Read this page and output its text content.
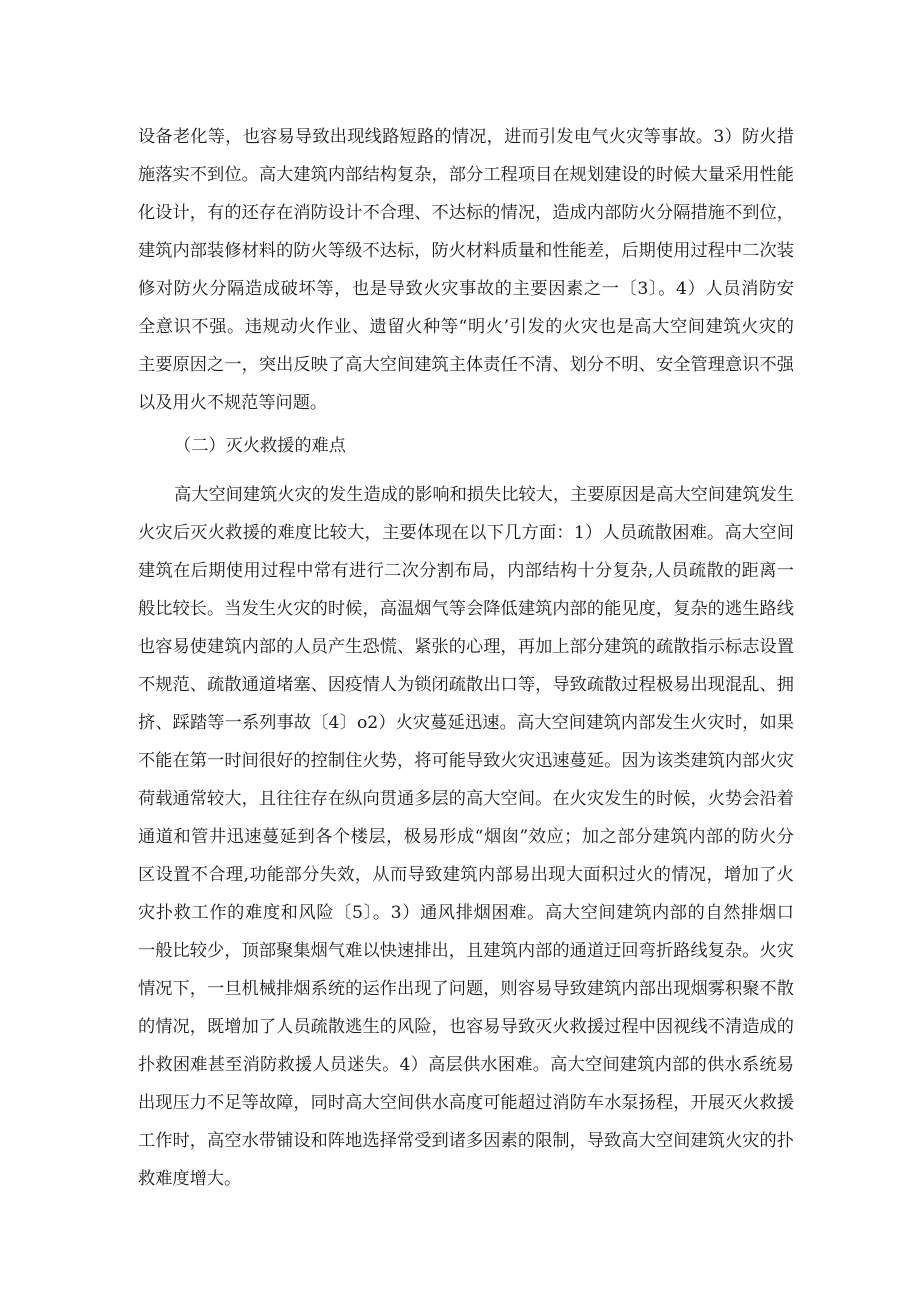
设备老化等，也容易导致出现线路短路的情况，进而引发电气火灾等事故。3）防火措
施落实不到位。高大建筑内部结构复杂，部分工程项目在规划建设的时候大量采用性能
化设计，有的还存在消防设计不合理、不达标的情况，造成内部防火分隔措施不到位，
建筑内部装修材料的防火等级不达标，防火材料质量和性能差，后期使用过程中二次装
修对防火分隔造成破坏等，也是导致火灾事故的主要因素之一〔3〕。4）人员消防安
全意识不强。违规动火作业、遗留火种等“明火’引发的火灾也是高大空间建筑火灾的
主要原因之一，突出反映了高大空间建筑主体责任不清、划分不明、安全管理意识不强
以及用火不规范等问题。
（二）灭火救援的难点
高大空间建筑火灾的发生造成的影响和损失比较大，主要原因是高大空间建筑发生
火灾后灭火救援的难度比较大，主要体现在以下几方面：1）人员疏散困难。高大空间
建筑在后期使用过程中常有进行二次分割布局，内部结构十分复杂,人员疏散的距离一
般比较长。当发生火灾的时候，高温烟气等会降低建筑内部的能见度，复杂的逃生路线
也容易使建筑内部的人员产生恐慌、紧张的心理，再加上部分建筑的疏散指示标志设置
不规范、疏散通道堵塞、因疫情人为锁闭疏散出口等，导致疏散过程极易出现混乱、拥
挤、踩踏等一系列事故〔4〕o2）火灾蔓延迅速。高大空间建筑内部发生火灾时，如果
不能在第一时间很好的控制住火势，将可能导致火灾迅速蔓延。因为该类建筑内部火灾
荷载通常较大，且往往存在纵向贯通多层的高大空间。在火灾发生的时候，火势会沿着
通道和管井迅速蔓延到各个楼层，极易形成“烟囱”效应；加之部分建筑内部的防火分
区设置不合理,功能部分失效，从而导致建筑内部易出现大面积过火的情况，增加了火
灾扑救工作的难度和风险〔5〕。3）通风排烟困难。高大空间建筑内部的自然排烟口
一般比较少，顶部聚集烟气难以快速排出，且建筑内部的通道迂回弯折路线复杂。火灾
情况下，一旦机械排烟系统的运作出现了问题，则容易导致建筑内部出现烟雾积聚不散
的情况，既增加了人员疏散逃生的风险，也容易导致灭火救援过程中因视线不清造成的
扑救困难甚至消防救援人员迷失。4）高层供水困难。高大空间建筑内部的供水系统易
出现压力不足等故障，同时高大空间供水高度可能超过消防车水泵扬程，开展灭火救援
工作时，高空水带铺设和阵地选择常受到诸多因素的限制，导致高大空间建筑火灾的扑
救难度增大。
